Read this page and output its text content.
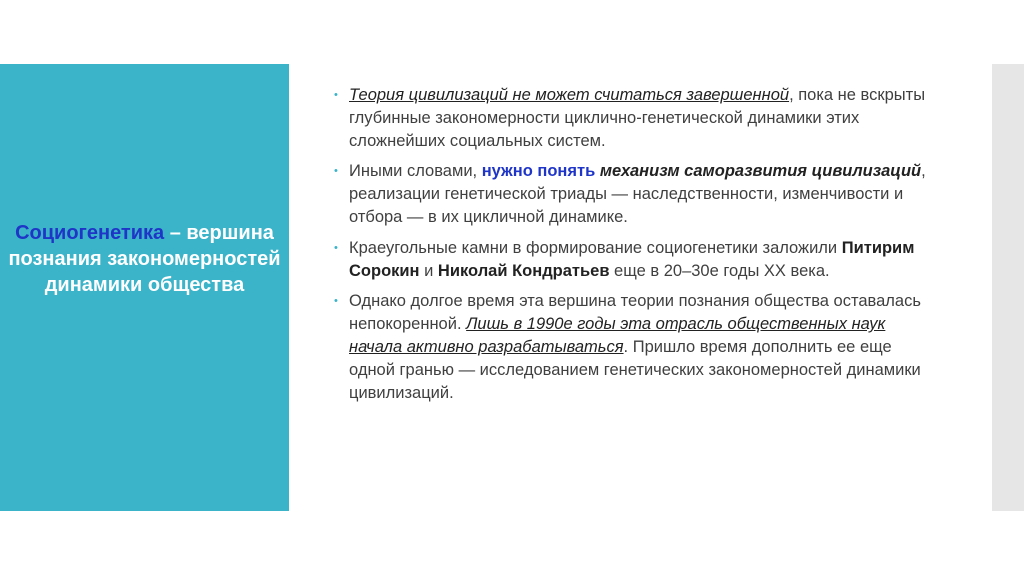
Социогенетика – вершина познания закономерностей динамики общества
• Теория цивилизаций не может считаться завершенной, пока не вскрыты глубинные закономерности циклично-генетической динамики этих сложнейших социальных систем.
• Иными словами, нужно понять механизм саморазвития цивилизаций, реализации генетической триады — наследственности, изменчивости и отбора — в их цикличной динамике.
• Краеугольные камни в формирование социогенетики заложили Питирим Сорокин и Николай Кондратьев еще в 20–30е годы XX века.
• Однако долгое время эта вершина теории познания общества оставалась непокоренной. Лишь в 1990е годы эта отрасль общественных наук начала активно разрабатываться. Пришло время дополнить ее еще одной гранью — исследованием генетических закономерностей динамики цивилизаций.
